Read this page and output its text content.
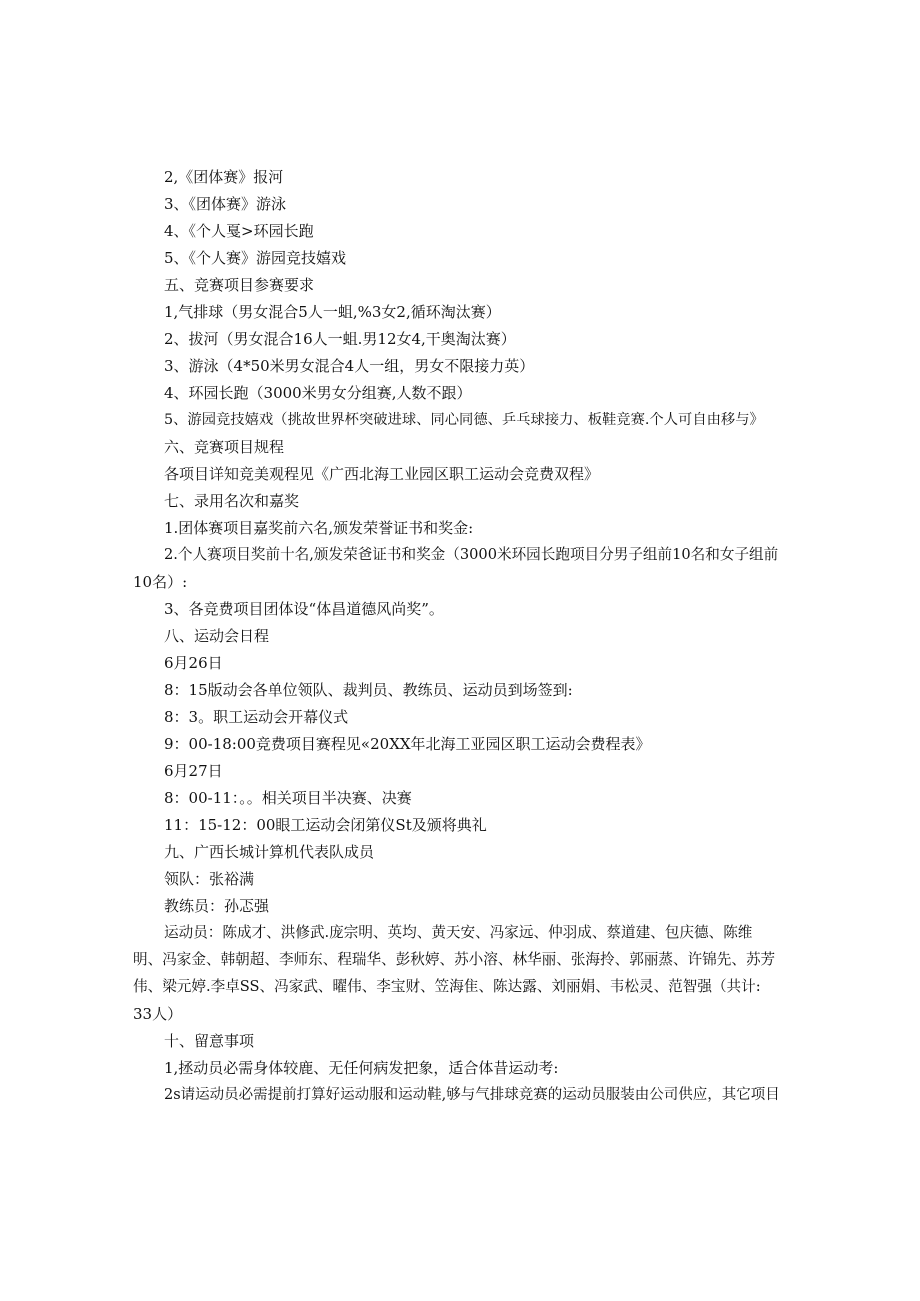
2,《团体赛》报河
3、《团体赛》游泳
4、《个人戛>环园长跑
5、《个人赛》游园竞技嬉戏
五、竞赛项目参赛要求
1,气排球（男女混合5人一蛆,%3女2,循环淘汰赛）
2、拔河（男女混合16人一蛆.男12女4,干奥淘汰赛）
3、游泳（4*50米男女混合4人一组，男女不限接力英）
4、环园长跑（3000米男女分组赛,人数不跟）
5、游园竞技嬉戏（挑故世界杯突破进球、同心同德、乒乓球接力、板鞋竞赛.个人可自由移与》
六、竞赛项目规程
各项目详知竞美观程见《广西北海工业园区职工运动会竞费双程》
七、录用名次和嘉奖
1.团体赛项目嘉奖前六名,颁发荣誉证书和奖金:
2.个人赛项目奖前十名,颁发荣爸证书和奖金（3000米环园长跑项目分男子组前10名和女子组前
10名）:
3、各竞费项目团体设“体昌道德风尚奖”。
八、运动会日程
6月26日
8：15版动会各单位领队、裁判员、教练员、运动员到场签到:
8：3。职工运动会开幕仪式
9：00-18:00竞费项目赛程见«20XX年北海工亚园区职工运动会费程表》
6月27日
8：00-11：。。相关项目半决赛、决赛
11：15-12：00眼工运动会闭第仪St及颁将典礼
九、广西长城计算机代表队成员
领队：张裕满
教练员：孙忑强
运动员：陈成才、洪修武.庞宗明、英均、黄天安、冯家远、仲羽成、蔡道建、包庆德、陈维
明、冯家金、韩朝超、李师东、程瑞华、彭秋婷、苏小溶、林华丽、张海拎、郭丽蒸、许锦先、苏芳
伟、梁元婷.李卓SS、冯家武、曜伟、李宝财、笠海隹、陈达露、刘丽娟、韦松灵、范智强（共计:
33人）
十、留意事项
1,拯动员必需身体较鹿、无任何病发把象，适合体昔运动考:
2s请运动员必需提前打算好运动服和运动鞋,够与气排球竞赛的运动员服装由公司供应，其它项目
